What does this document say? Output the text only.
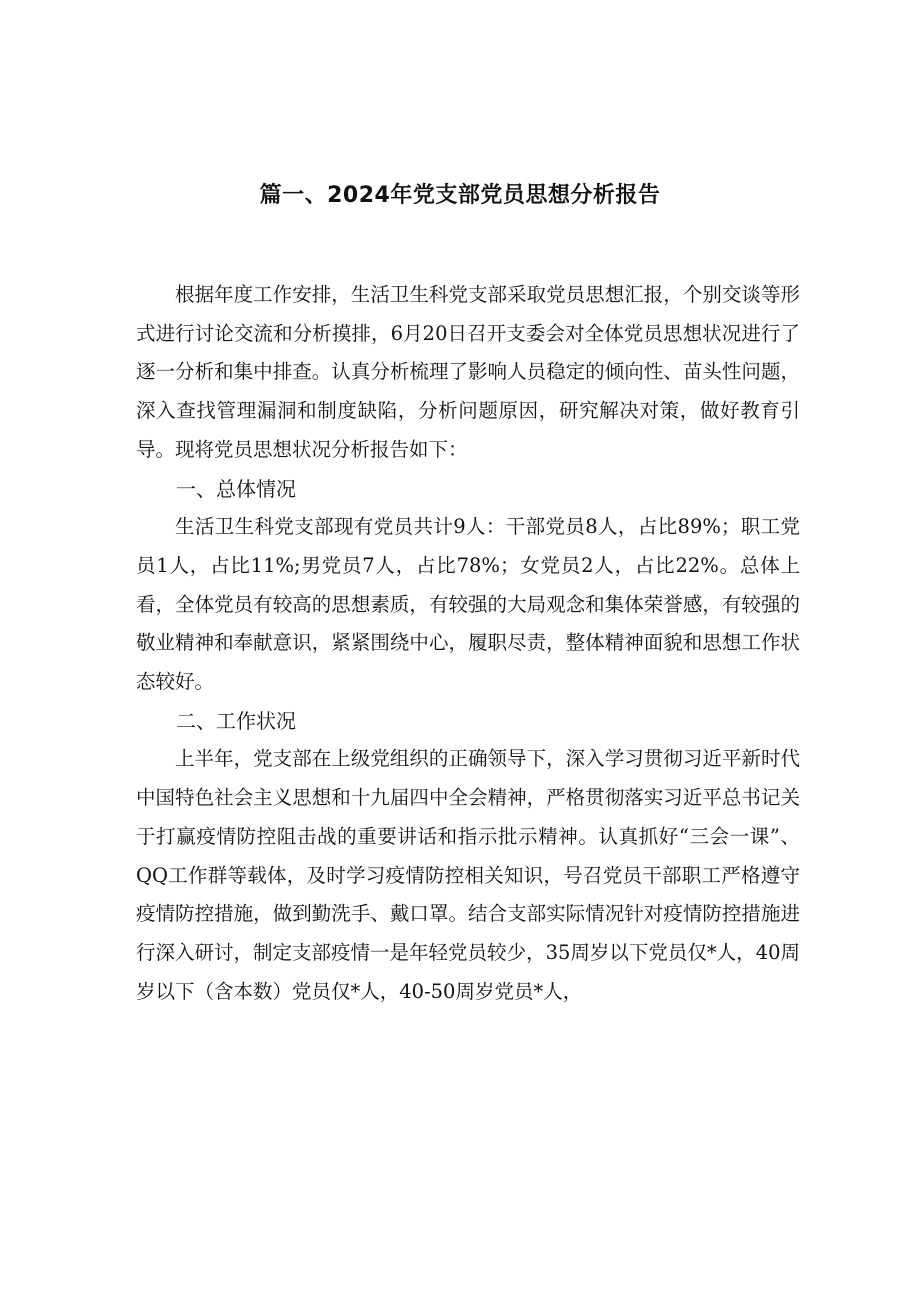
篇一、2024年党支部党员思想分析报告

根据年度工作安排，生活卫生科党支部采取党员思想汇报，个别交谈等形式进行讨论交流和分析摸排，6月20日召开支委会对全体党员思想状况进行了逐一分析和集中排查。认真分析梳理了影响人员稳定的倾向性、苗头性问题，深入查找管理漏洞和制度缺陷，分析问题原因，研究解决对策，做好教育引导。现将党员思想状况分析报告如下：

一、总体情况

生活卫生科党支部现有党员共计9人：干部党员8人，占比89%；职工党员1人，占比11%;男党员7人，占比78%；女党员2人，占比22%。总体上看，全体党员有较高的思想素质，有较强的大局观念和集体荣誉感，有较强的敬业精神和奉献意识，紧紧围绕中心，履职尽责，整体精神面貌和思想工作状态较好。

二、工作状况

上半年，党支部在上级党组织的正确领导下，深入学习贯彻习近平新时代中国特色社会主义思想和十九届四中全会精神，严格贯彻落实习近平总书记关于打赢疫情防控阻击战的重要讲话和指示批示精神。认真抓好“三会一课”、QQ工作群等载体，及时学习疫情防控相关知识，号召党员干部职工严格遵守疫情防控措施，做到勤洗手、戴口罩。结合支部实际情况针对疫情防控措施进行深入研讨，制定支部疫情一是年轻党员较少，35周岁以下党员仅*人，40周岁以下（含本数）党员仅*人，40-50周岁党员*人，
